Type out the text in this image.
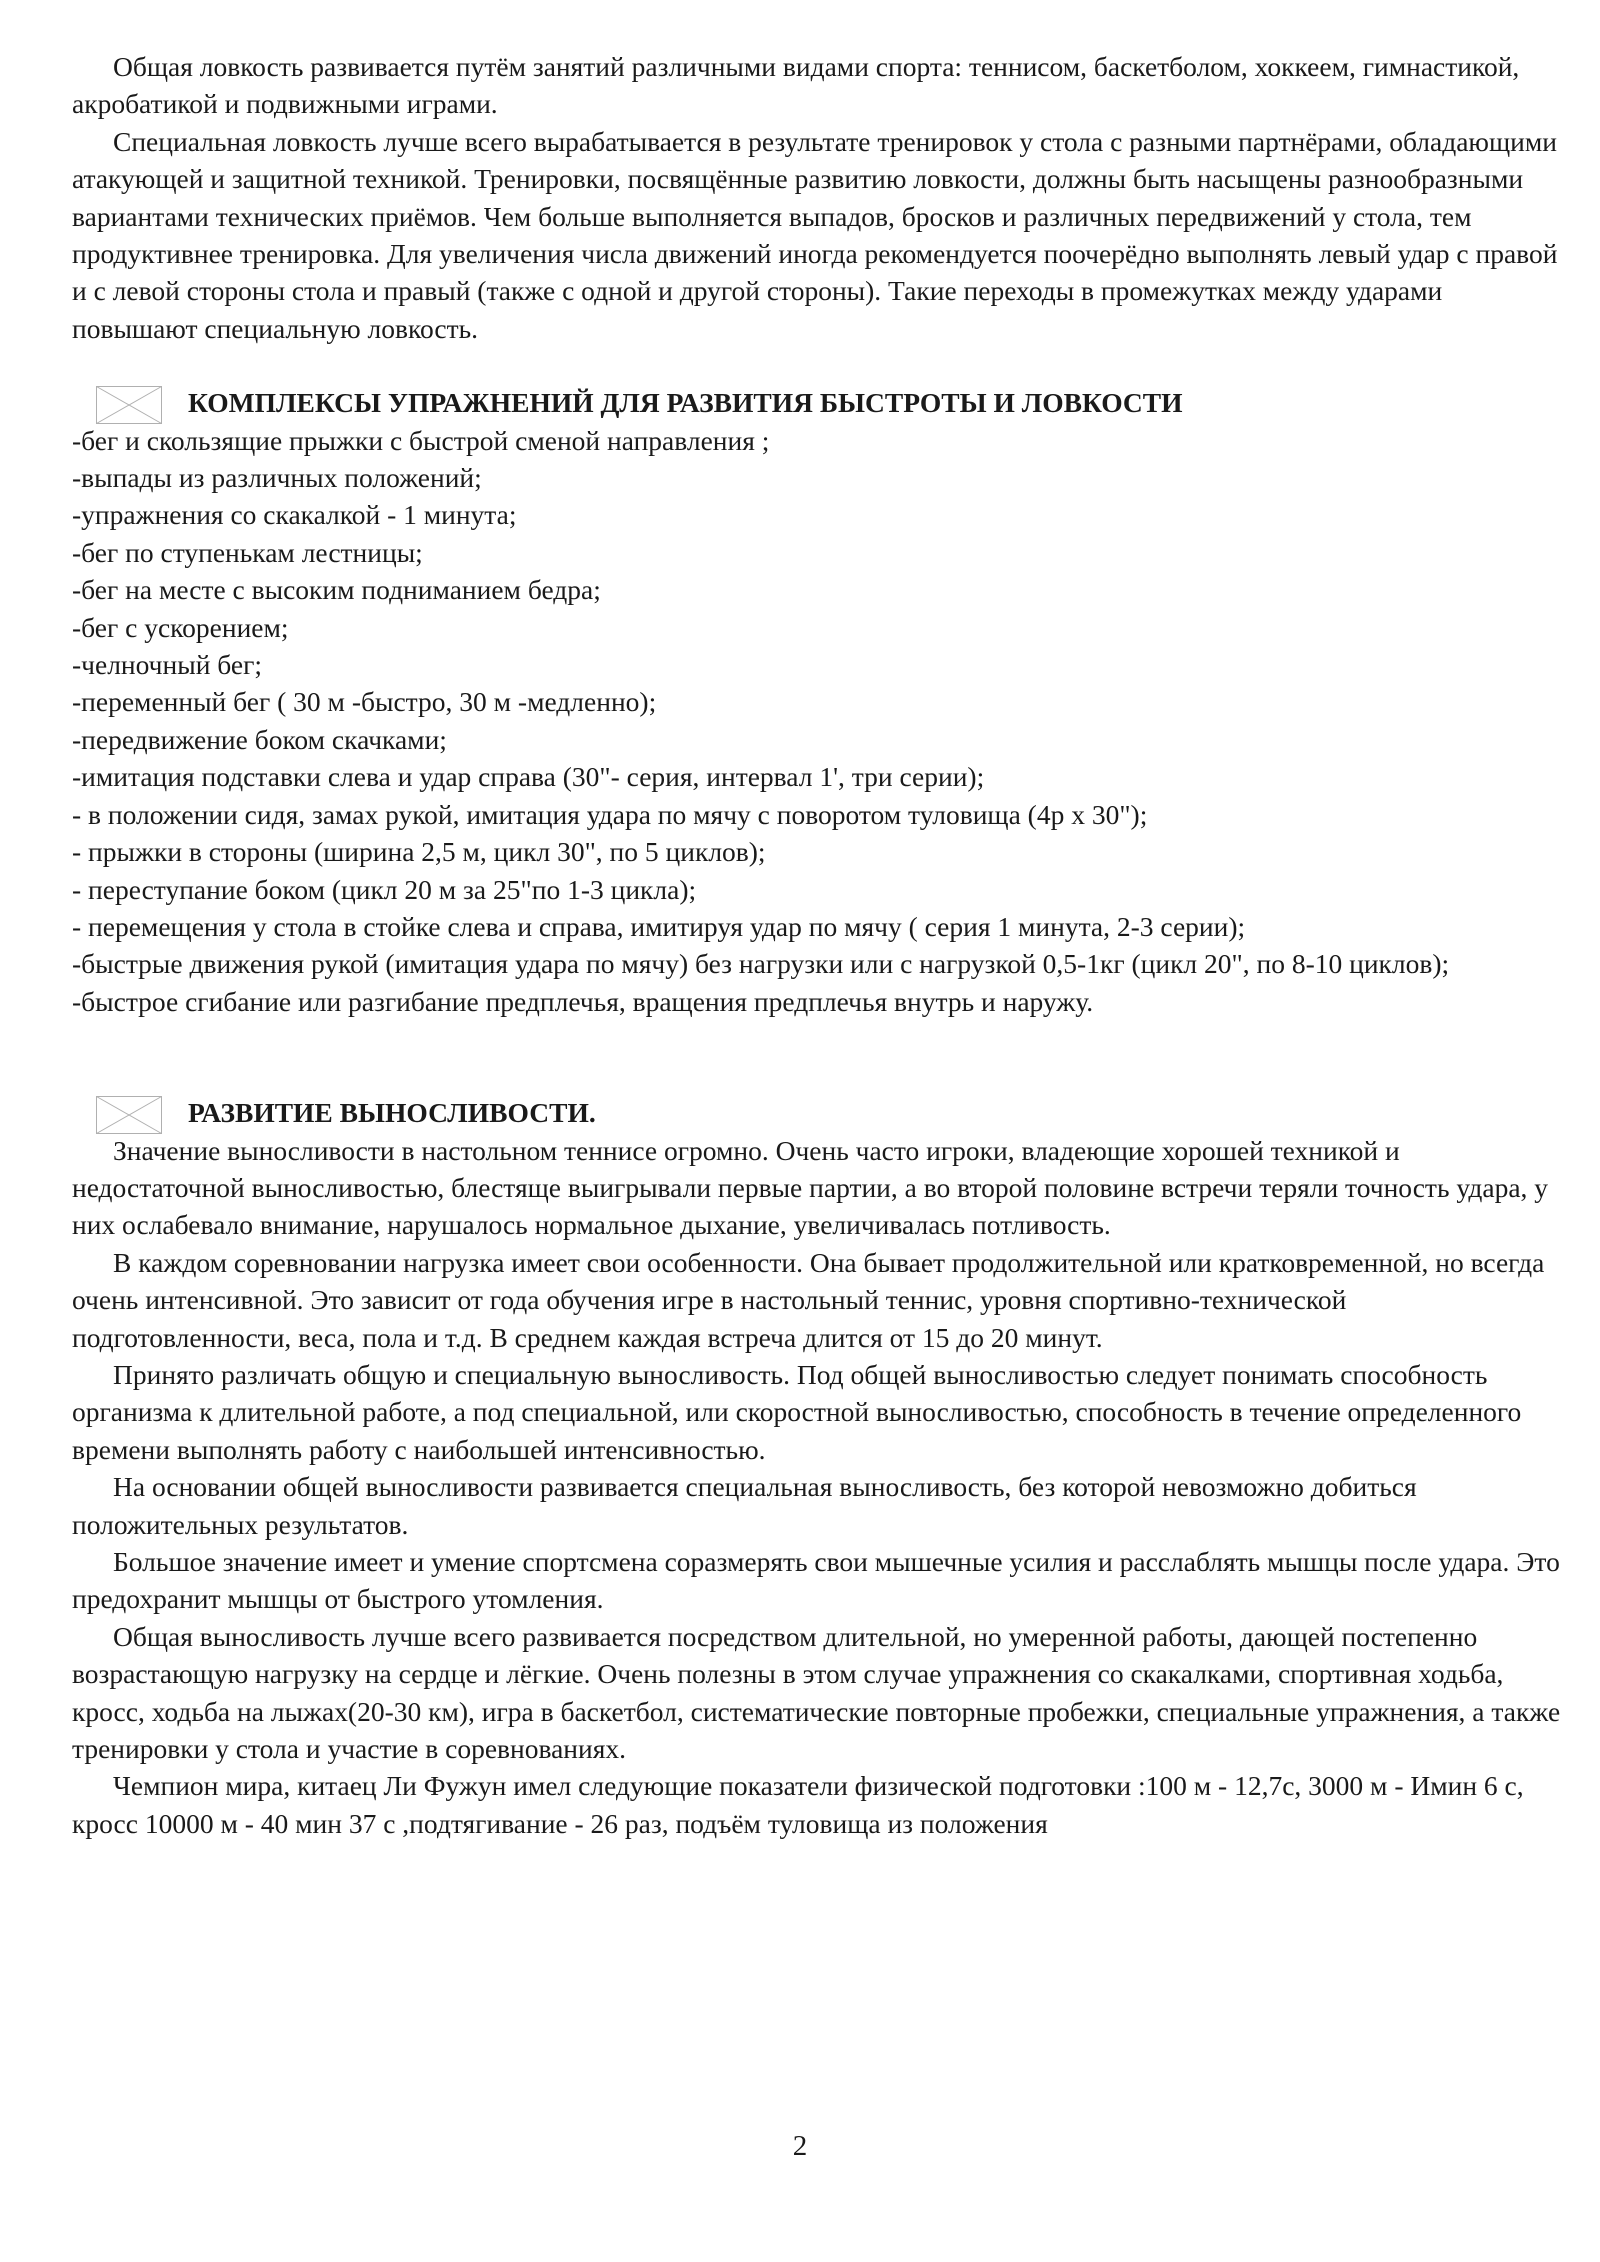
Общая ловкость развивается путём занятий различными видами спорта: теннисом, баскетболом, хоккеем, гимнастикой, акробатикой и подвижными играми.

Специальная ловкость лучше всего вырабатывается в результате тренировок у стола с разными партнёрами, обладающими атакующей и защитной техникой. Тренировки, посвящённые развитию ловкости, должны быть насыщены разнообразными вариантами технических приёмов. Чем больше выполняется выпадов, бросков и различных передвижений у стола, тем продуктивнее тренировка. Для увеличения числа движений иногда рекомендуется поочерёдно выполнять левый удар с правой и с левой стороны стола и правый (также с одной и другой стороны). Такие переходы в промежутках между ударами повышают специальную ловкость.

КОМПЛЕКСЫ УПРАЖНЕНИЙ ДЛЯ РАЗВИТИЯ БЫСТРОТЫ И ЛОВКОСТИ

-бег и скользящие прыжки с быстрой сменой направления ;

-выпады из различных положений;

-упражнения со скакалкой - 1 минута;

-бег по ступенькам лестницы;

-бег на месте с высоким подниманием бедра;

-бег с ускорением;

-челночный бег;

-переменный бег ( 30 м -быстро, 30 м -медленно);

-передвижение боком скачками;

-имитация подставки слева и удар справа (30"- серия, интервал 1', три серии);

- в положении сидя, замах рукой, имитация удара по мячу с поворотом туловища (4р х 30");

- прыжки в стороны (ширина 2,5 м, цикл 30", по 5 циклов);

- переступание боком (цикл 20 м за 25"по 1-3 цикла);

- перемещения у стола в стойке слева и справа, имитируя удар по мячу ( серия 1 минута, 2-3 серии);

-быстрые движения рукой (имитация удара по мячу) без нагрузки или с нагрузкой 0,5-1кг (цикл 20", по 8-10 циклов);

-быстрое сгибание или разгибание предплечья, вращения предплечья внутрь и наружу.

РАЗВИТИЕ ВЫНОСЛИВОСТИ.

Значение выносливости в настольном теннисе огромно. Очень часто игроки, владеющие хорошей техникой и недостаточной выносливостью, блестяще выигрывали первые партии, а во второй половине встречи теряли точность удара, у них ослабевало внимание, нарушалось нормальное дыхание, увеличивалась потливость.

В каждом соревновании нагрузка имеет свои особенности. Она бывает продолжительной или кратковременной, но всегда очень интенсивной. Это зависит от года обучения игре в настольный теннис, уровня спортивно-технической подготовленности, веса, пола и т.д. В среднем каждая встреча длится от 15 до 20 минут.

Принято различать общую и специальную выносливость. Под общей выносливостью следует понимать способность организма к длительной работе, а под специальной, или скоростной выносливостью, способность в течение определенного времени выполнять работу с наибольшей интенсивностью.

На основании общей выносливости развивается специальная выносливость, без которой невозможно добиться положительных результатов.

Большое значение имеет и умение спортсмена соразмерять свои мышечные усилия и расслаблять мышцы после удара. Это предохранит мышцы от быстрого утомления.

Общая выносливость лучше всего развивается посредством длительной, но умеренной работы, дающей постепенно возрастающую нагрузку на сердце и лёгкие. Очень полезны в этом случае упражнения со скакалками, спортивная ходьба, кросс, ходьба на лыжах(20-30 км), игра в баскетбол, систематические повторные пробежки, специальные упражнения, а также тренировки у стола и участие в соревнованиях.

Чемпион мира, китаец Ли Фужун имел следующие показатели физической подготовки :100 м - 12,7с, 3000 м - Имин 6 с, кросс 10000 м - 40 мин 37 с ,подтягивание - 26 раз, подъём туловища из положения

2
